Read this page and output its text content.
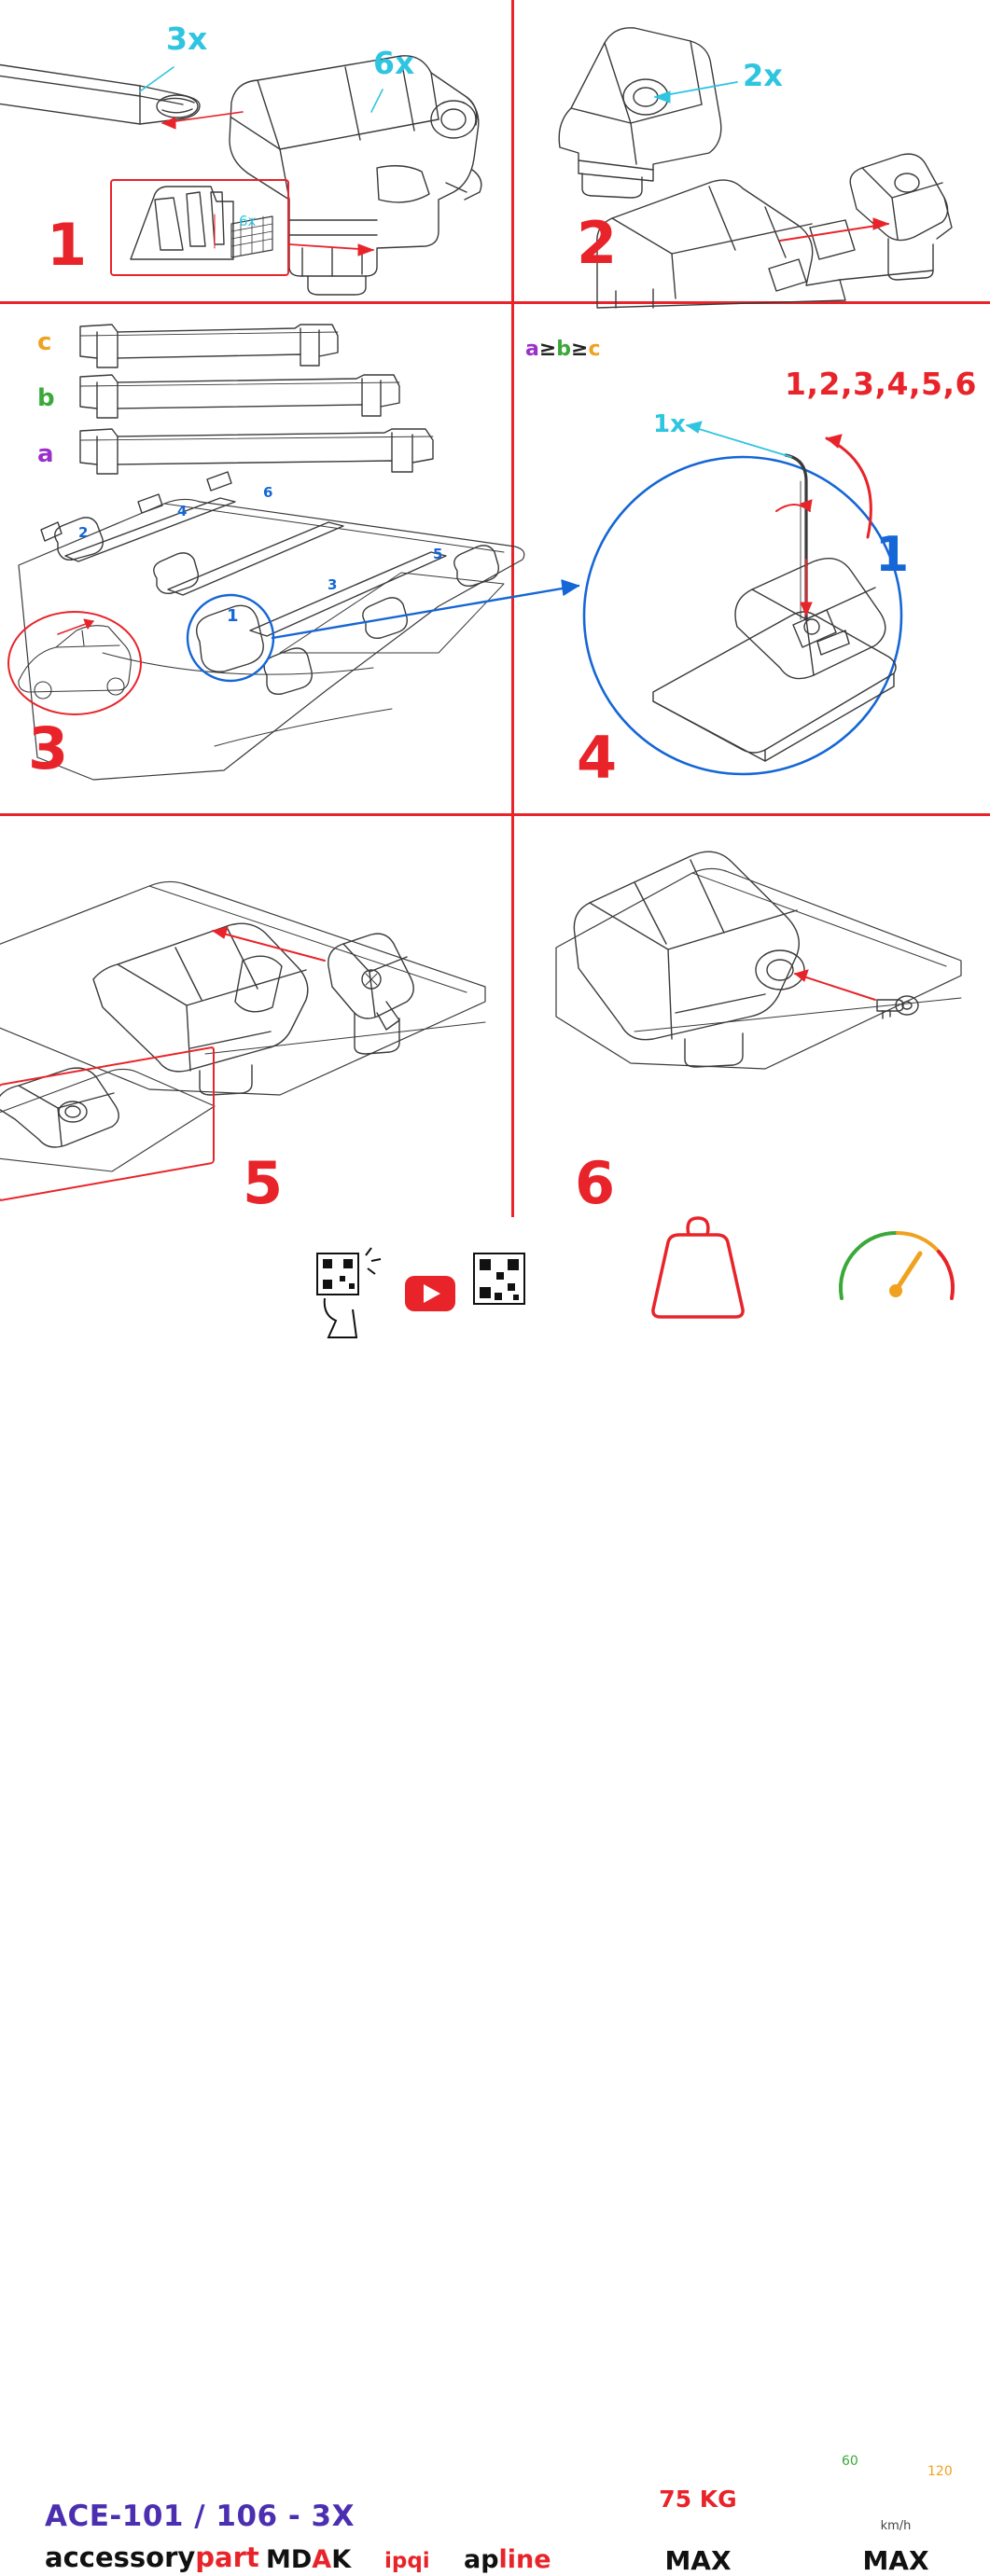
3x
6x	2x
6x
1	2
3	4
5	6
c
b
a
a≥b≥c
1x
1,2,3,4,5,6
1
1
2
3
4
5
6
ACE-101 / 106 - 3X
accessorypart MDAK ipqi apline
75 KG
MAX
60
120
km/h
MAX
